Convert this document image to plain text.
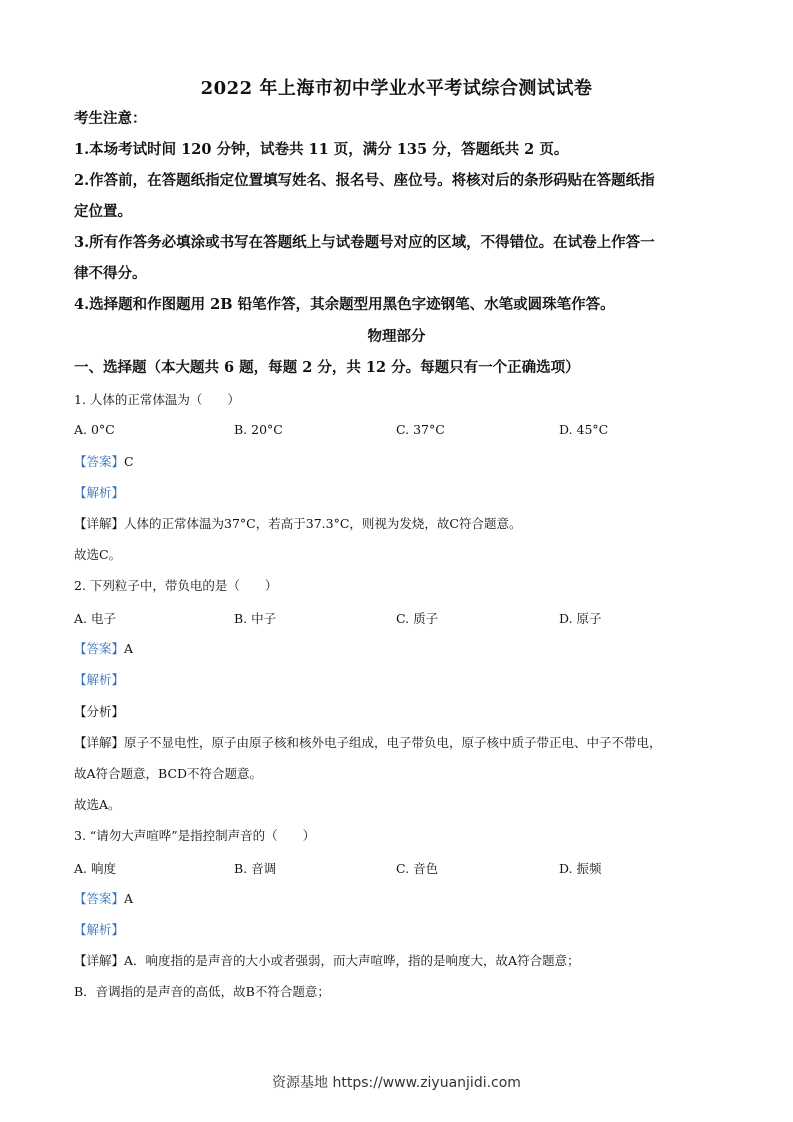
2022 年上海市初中学业水平考试综合测试试卷
考生注意：
1.本场考试时间 120 分钟，试卷共 11 页，满分 135 分，答题纸共 2 页。
2.作答前，在答题纸指定位置填写姓名、报名号、座位号。将核对后的条形码贴在答题纸指
定位置。
3.所有作答务必填涂或书写在答题纸上与试卷题号对应的区域，不得错位。在试卷上作答一
律不得分。
4.选择题和作图题用 2B 铅笔作答，其余题型用黑色字迹钢笔、水笔或圆珠笔作答。
物理部分
一、选择题（本大题共 6 题，每题 2 分，共 12 分。每题只有一个正确选项）
1. 人体的正常体温为（　　）
A. 0°C	B. 20°C	C. 37°C	D. 45°C
【答案】C
【解析】
【详解】人体的正常体温为37°C，若高于37.3°C，则视为发烧，故C符合题意。
故选C。
2. 下列粒子中，带负电的是（　　）
A. 电子	B. 中子	C. 质子	D. 原子
【答案】A
【解析】
【分析】
【详解】原子不显电性，原子由原子核和核外电子组成，电子带负电，原子核中质子带正电、中子不带电，
故A符合题意，BCD不符合题意。
故选A。
3. “请勿大声喧哗”是指控制声音的（　　）
A. 响度	B. 音调	C. 音色	D. 振频
【答案】A
【解析】
【详解】A．响度指的是声音的大小或者强弱，而大声喧哗，指的是响度大，故A符合题意；
B．音调指的是声音的高低，故B不符合题意；
资源基地 https://www.ziyuanjidi.com
